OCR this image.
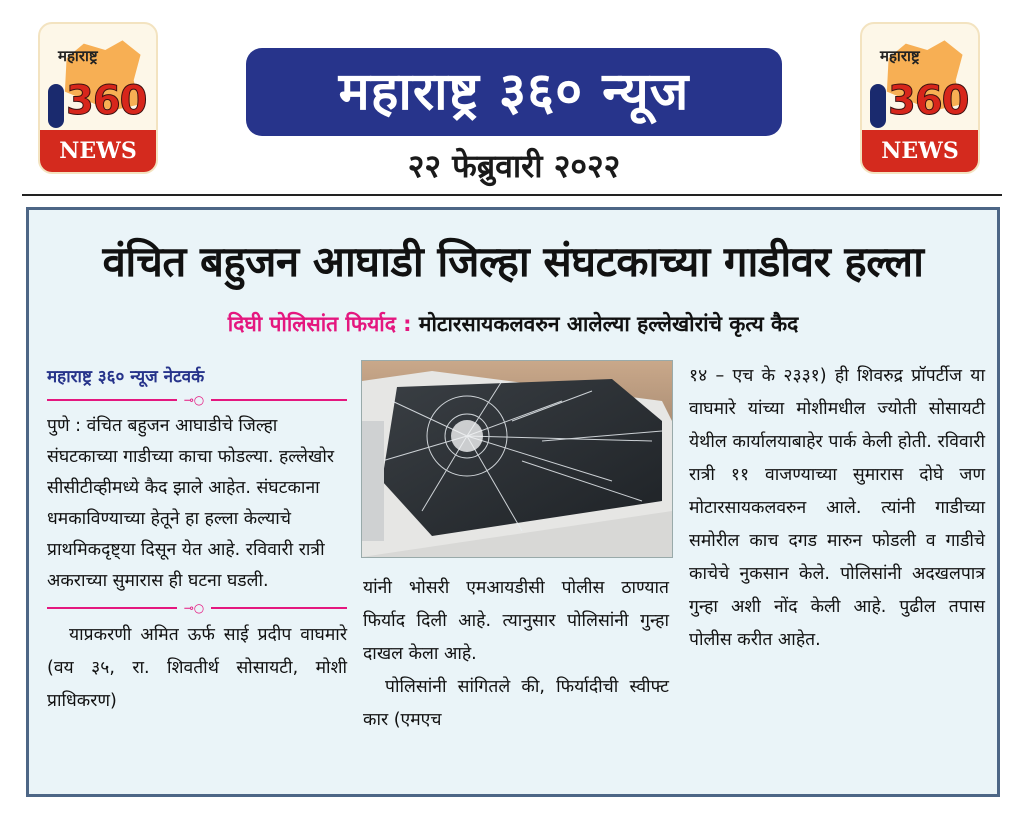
महाराष्ट्र
360
NEWS
महाराष्ट्र ३६० न्यूज
२२ फेब्रुवारी २०२२
महाराष्ट्र
360
NEWS
वंचित बहुजन आघाडी जिल्हा संघटकाच्या गाडीवर हल्ला
दिघी पोलिसांत फिर्याद : मोटारसायकलवरुन आलेल्या हल्लेखोरांचे कृत्य कैद
महाराष्ट्र ३६० न्यूज नेटवर्क
⊸○

पुणे : वंचित बहुजन आघाडीचे जिल्हा संघटकाच्या गाडीच्या काचा फोडल्या. हल्लेखोर सीसीटीव्हीमध्ये कैद झाले आहेत. संघटकाना धमकाविण्याच्या हेतूने हा हल्ला केल्याचे प्राथमिकदृष्ट्या दिसून येत आहे. रविवारी रात्री अकराच्या सुमारास ही घटना घडली.

⊸○

याप्रकरणी अमित ऊर्फ साई प्रदीप वाघमारे (वय ३५, रा. शिवतीर्थ सोसायटी, मोशी प्राधिकरण)

यांनी भोसरी एमआयडीसी पोलीस ठाण्यात फिर्याद दिली आहे. त्यानुसार पोलिसांनी गुन्हा दाखल केला आहे.

पोलिसांनी सांगितले की, फिर्यादीची स्वीफ्ट कार (एमएच

१४ – एच के २३३१) ही शिवरुद्र प्रॉपर्टीज या वाघमारे यांच्या मोशीमधील ज्योती सोसायटी येथील कार्यालयाबाहेर पार्क केली होती. रविवारी रात्री ११ वाजण्याच्या सुमारास दोघे जण मोटारसायकलवरुन आले. त्यांनी गाडीच्या समोरील काच दगड मारुन फोडली व गाडीचे काचेचे नुकसान केले. पोलिसांनी अदखलपात्र गुन्हा अशी नोंद केली आहे. पुढील तपास पोलीस करीत आहेत.
